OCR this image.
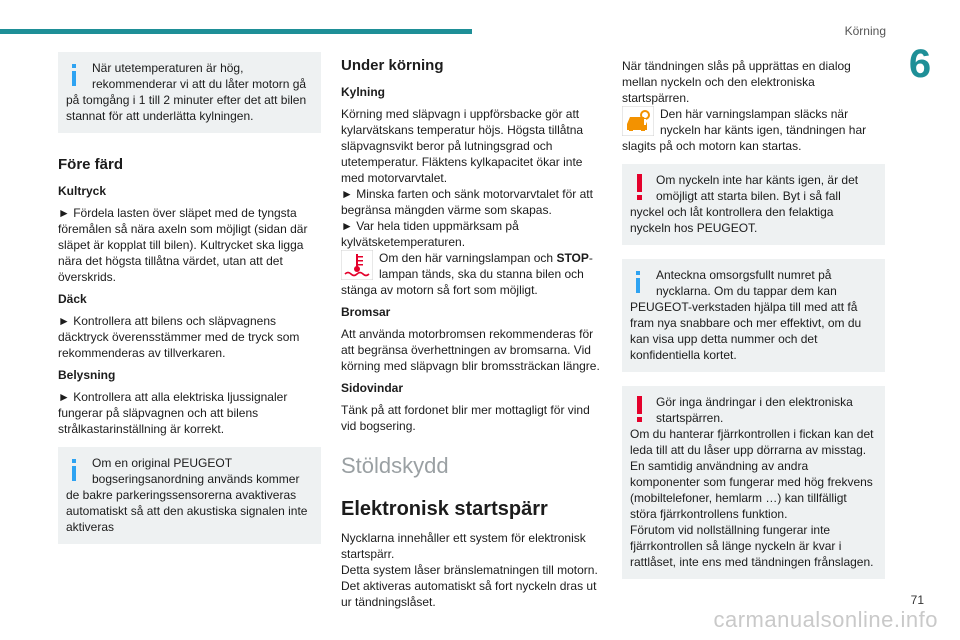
Körning
6
När utetemperaturen är hög, rekommenderar vi att du låter motorn gå på tomgång i 1 till 2 minuter efter det att bilen stannat för att underlätta kylningen.
Före färd
Kultryck

► Fördela lasten över släpet med de tyngsta föremålen så nära axeln som möjligt (sidan där släpet är kopplat till bilen). Kultrycket ska ligga nära det högsta tillåtna värdet, utan att det överskrids.

Däck

► Kontrollera att bilens och släpvagnens däcktryck överensstämmer med de tryck som rekommenderas av tillverkaren.

Belysning

► Kontrollera att alla elektriska ljussignaler fungerar på släpvagnen och att bilens strålkastarinställning är korrekt.

Om en original PEUGEOT bogseringsanordning används kommer de bakre parkeringssensorerna avaktiveras automatiskt så att den akustiska signalen inte aktiveras
Under körning
Kylning

Körning med släpvagn i uppförsbacke gör att kylarvätskans temperatur höjs. Högsta tillåtna släpvagnsvikt beror på lutningsgrad och utetemperatur. Fläktens kylkapacitet ökar inte med motorvarvtalet.

► Minska farten och sänk motorvarvtalet för att begränsa mängden värme som skapas.
► Var hela tiden uppmärksam på kylvätsketemperaturen.

Om den här varningslampan och STOP-lampan tänds, ska du stanna bilen och stänga av motorn så fort som möjligt.

Bromsar

Att använda motorbromsen rekommenderas för att begränsa överhettningen av bromsarna. Vid körning med släpvagn blir bromssträckan längre.

Sidovindar

Tänk på att fordonet blir mer mottagligt för vind vid bogsering.

Stöldskydd
Elektronisk startspärr

Nycklarna innehåller ett system för elektronisk startspärr.

Detta system låser bränslematningen till motorn. Det aktiveras automatiskt så fort nyckeln dras ut ur tändningslåset.

När tändningen slås på upprättas en dialog mellan nyckeln och den elektroniska startspärren.

Den här varningslampan släcks när nyckeln har känts igen, tändningen har slagits på och motorn kan startas.

Om nyckeln inte har känts igen, är det omöjligt att starta bilen. Byt i så fall nyckel och låt kontrollera den felaktiga nyckeln hos PEUGEOT.
Anteckna omsorgsfullt numret på nycklarna. Om du tappar dem kan PEUGEOT-verkstaden hjälpa till med att få fram nya snabbare och mer effektivt, om du kan visa upp detta nummer och det konfidentiella kortet.
Gör inga ändringar i den elektroniska startspärren.
Om du hanterar fjärrkontrollen i fickan kan det leda till att du låser upp dörrarna av misstag.
En samtidig användning av andra komponenter som fungerar med hög frekvens (mobiltelefoner, hemlarm …) kan tillfälligt störa fjärrkontrollens funktion.
Förutom vid nollställning fungerar inte fjärrkontrollen så länge nyckeln är kvar i rattlåset, inte ens med tändningen frånslagen.
carmanualsonline.info
71
